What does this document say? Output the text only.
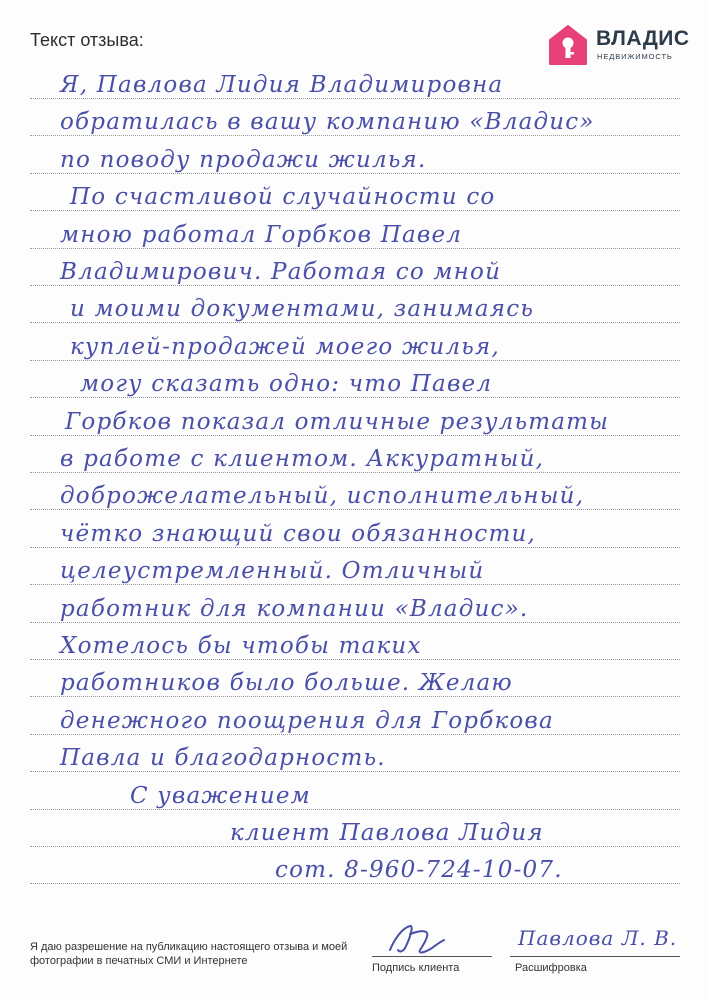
Текст отзыва:	ВЛАДИС
НЕДВИЖИМОСТЬ
Я, Павлова Лидия Владимировна
обратилась в вашу компанию «Владис»
по поводу продажи жилья.
По счастливой случайности со
мною работал Горбков Павел
Владимирович. Работая со мной
и моими документами, занимаясь
куплей-продажей моего жилья,
могу сказать одно: что Павел
Горбков показал отличные результаты
в работе с клиентом. Аккуратный,
доброжелательный, исполнительный,
чётко знающий свои обязанности,
целеустремленный. Отличный
работник для компании «Владис».
Хотелось бы чтобы таких
работников было больше. Желаю
денежного поощрения для Горбкова
Павла и благодарность.
С уважением
клиент Павлова Лидия
сот. 8-960-724-10-07.
Я даю разрешение на публикацию настоящего отзыва и моей фотографии в печатных СМИ и Интернете
Подпись клиента	Расшифровка
Павлова Л. В.
